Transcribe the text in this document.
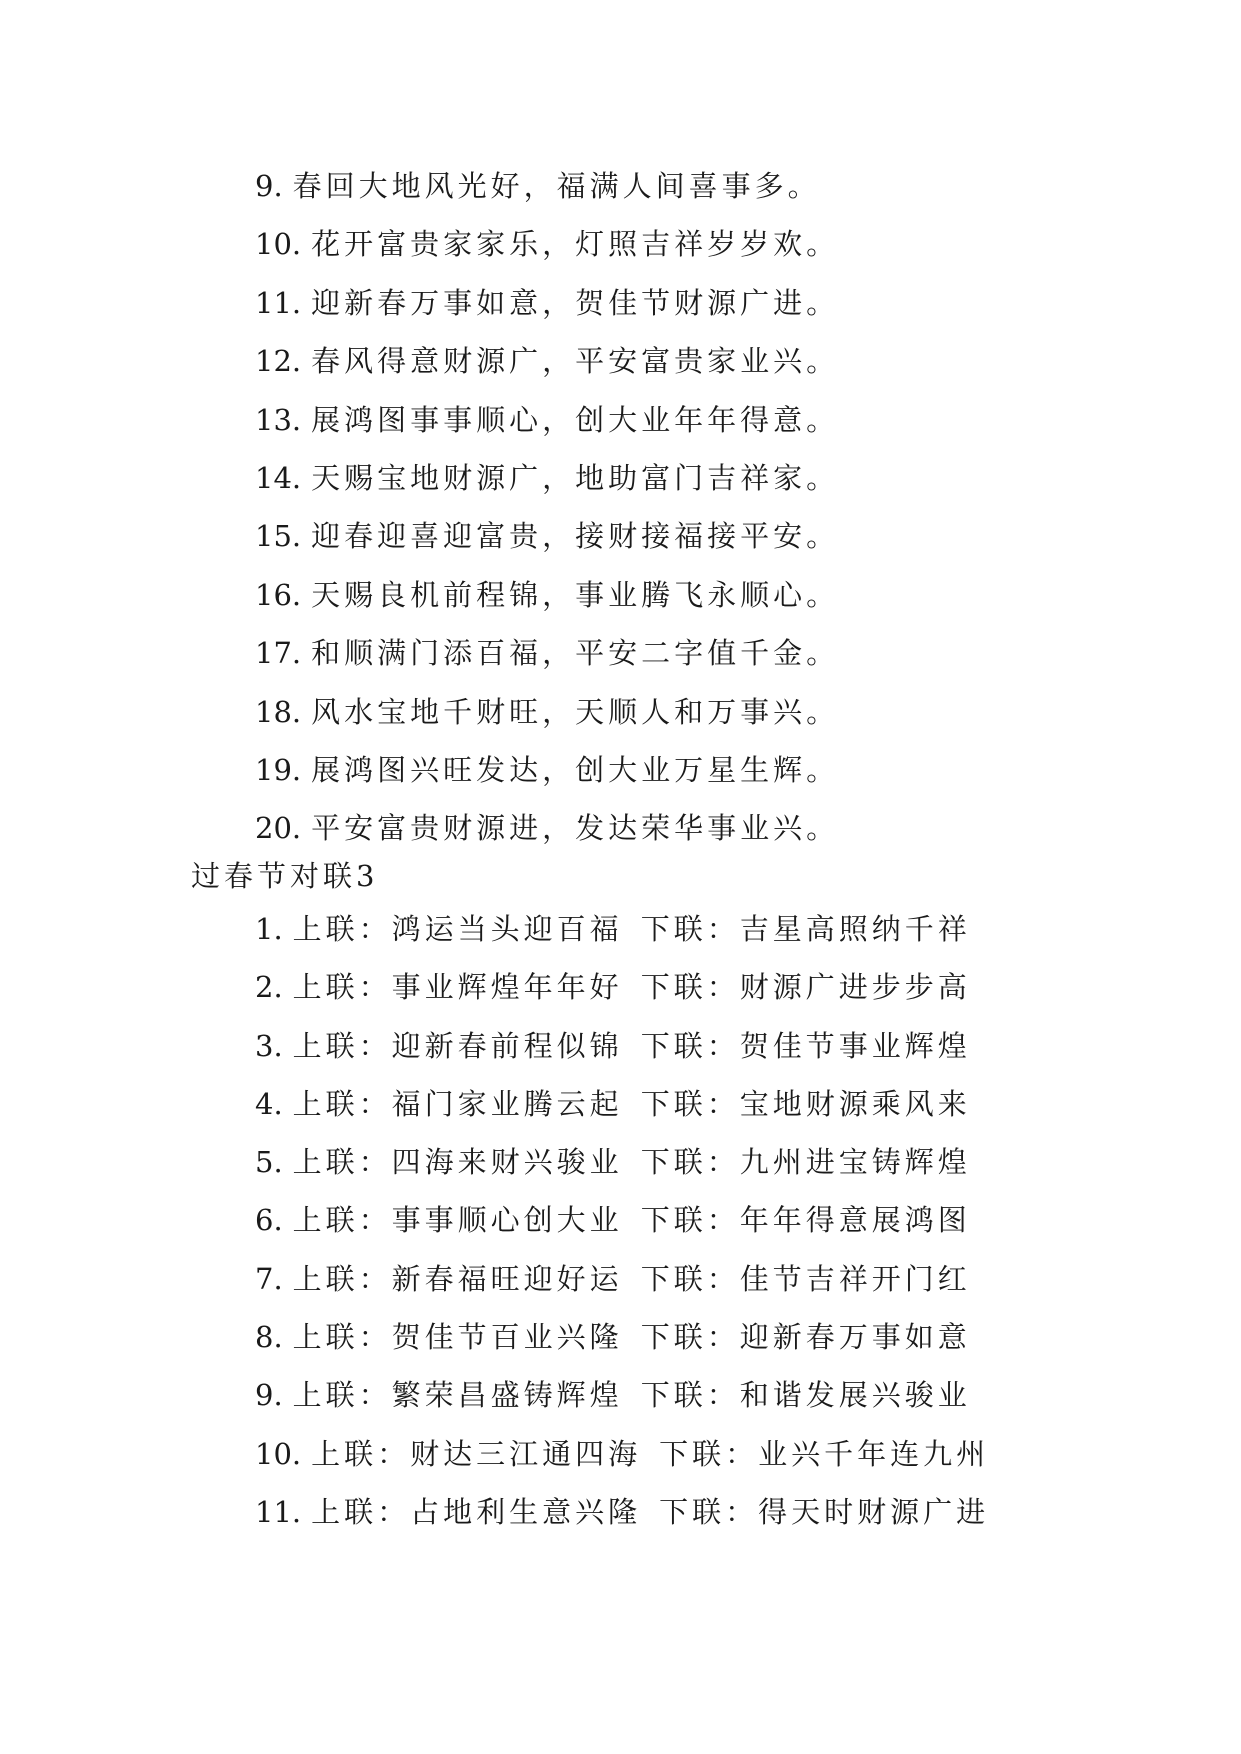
9. 春回大地风光好，福满人间喜事多。
10. 花开富贵家家乐，灯照吉祥岁岁欢。
11. 迎新春万事如意，贺佳节财源广进。
12. 春风得意财源广，平安富贵家业兴。
13. 展鸿图事事顺心，创大业年年得意。
14. 天赐宝地财源广，地助富门吉祥家。
15. 迎春迎喜迎富贵，接财接福接平安。
16. 天赐良机前程锦，事业腾飞永顺心。
17. 和顺满门添百福，平安二字值千金。
18. 风水宝地千财旺，天顺人和万事兴。
19. 展鸿图兴旺发达，创大业万星生辉。
20. 平安富贵财源进，发达荣华事业兴。
过春节对联3
1. 上联：鸿运当头迎百福 下联：吉星高照纳千祥
2. 上联：事业辉煌年年好 下联：财源广进步步高
3. 上联：迎新春前程似锦 下联：贺佳节事业辉煌
4. 上联：福门家业腾云起 下联：宝地财源乘风来
5. 上联：四海来财兴骏业 下联：九州进宝铸辉煌
6. 上联：事事顺心创大业 下联：年年得意展鸿图
7. 上联：新春福旺迎好运 下联：佳节吉祥开门红
8. 上联：贺佳节百业兴隆 下联：迎新春万事如意
9. 上联：繁荣昌盛铸辉煌 下联：和谐发展兴骏业
10. 上联：财达三江通四海 下联：业兴千年连九州
11. 上联：占地利生意兴隆 下联：得天时财源广进
